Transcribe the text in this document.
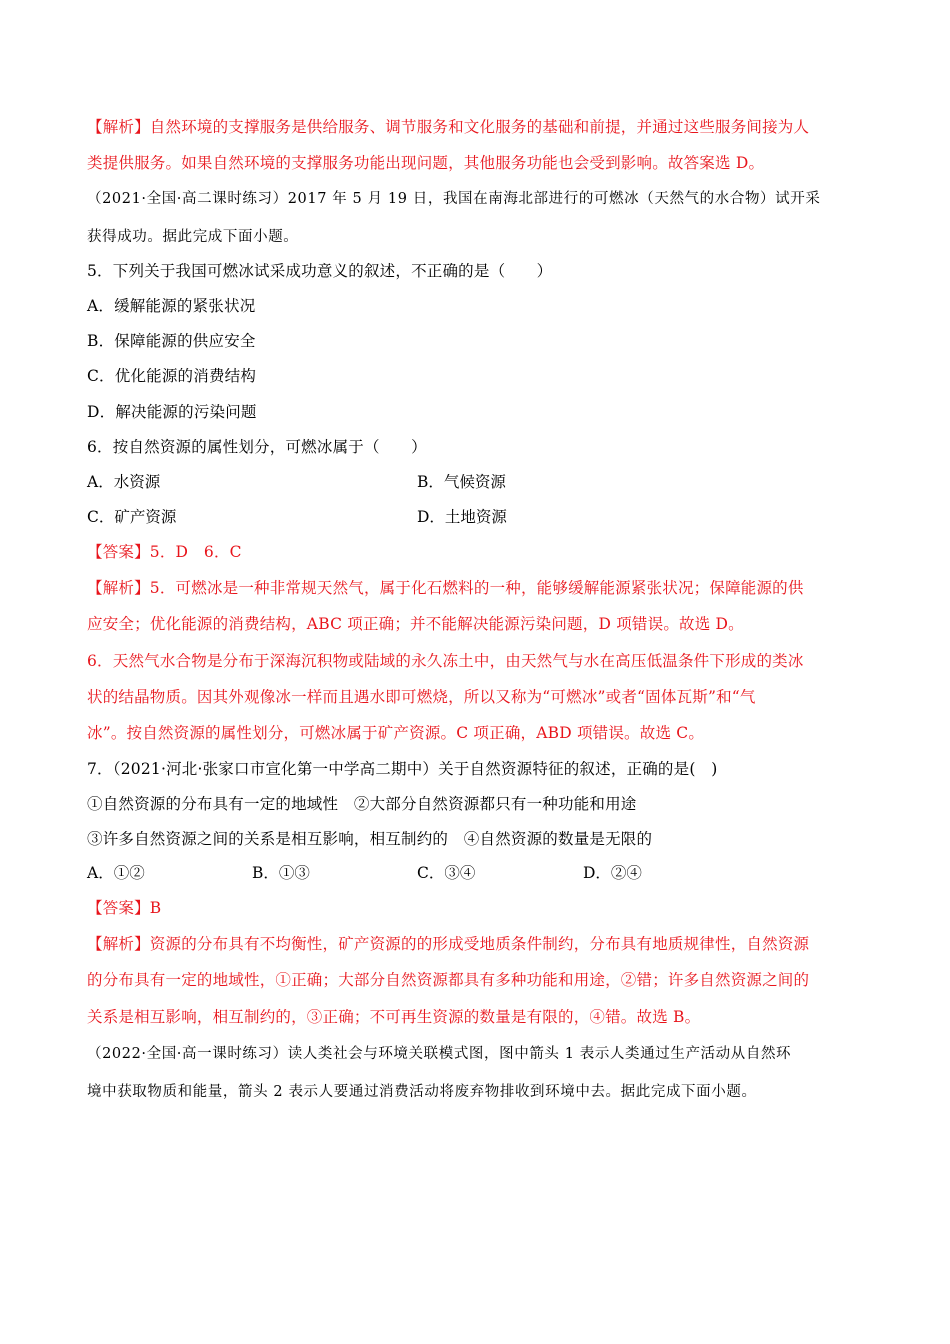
【解析】自然环境的支撑服务是供给服务、调节服务和文化服务的基础和前提，并通过这些服务间接为人
类提供服务。如果自然环境的支撑服务功能出现问题，其他服务功能也会受到影响。故答案选 D。
（2021·全国·高二课时练习）2017 年 5 月 19 日，我国在南海北部进行的可燃冰（天然气的水合物）试开采
获得成功。据此完成下面小题。
5．下列关于我国可燃冰试采成功意义的叙述，不正确的是（　　）
A．缓解能源的紧张状况
B．保障能源的供应安全
C．优化能源的消费结构
D．解决能源的污染问题
6．按自然资源的属性划分，可燃冰属于（　　）
A．水资源	B．气候资源
C．矿产资源	D．土地资源
【答案】5．D　6．C
【解析】5．可燃冰是一种非常规天然气，属于化石燃料的一种，能够缓解能源紧张状况；保障能源的供
应安全；优化能源的消费结构，ABC 项正确；并不能解决能源污染问题，D 项错误。故选 D。
6．天然气水合物是分布于深海沉积物或陆域的永久冻土中，由天然气与水在高压低温条件下形成的类冰
状的结晶物质。因其外观像冰一样而且遇水即可燃烧，所以又称为“可燃冰”或者“固体瓦斯”和“气
冰”。按自然资源的属性划分，可燃冰属于矿产资源。C 项正确，ABD 项错误。故选 C。
7．（2021·河北·张家口市宣化第一中学高二期中）关于自然资源特征的叙述，正确的是(　)
①自然资源的分布具有一定的地域性　②大部分自然资源都只有一种功能和用途
③许多自然资源之间的关系是相互影响，相互制约的　④自然资源的数量是无限的
A．①②	B．①③	C．③④	D．②④
【答案】B
【解析】资源的分布具有不均衡性，矿产资源的的形成受地质条件制约，分布具有地质规律性，自然资源
的分布具有一定的地域性，①正确；大部分自然资源都具有多种功能和用途，②错；许多自然资源之间的
关系是相互影响，相互制约的，③正确；不可再生资源的数量是有限的，④错。故选 B。
（2022·全国·高一课时练习）读人类社会与环境关联模式图，图中箭头 1 表示人类通过生产活动从自然环
境中获取物质和能量，箭头 2 表示人要通过消费活动将废弃物排收到环境中去。据此完成下面小题。
